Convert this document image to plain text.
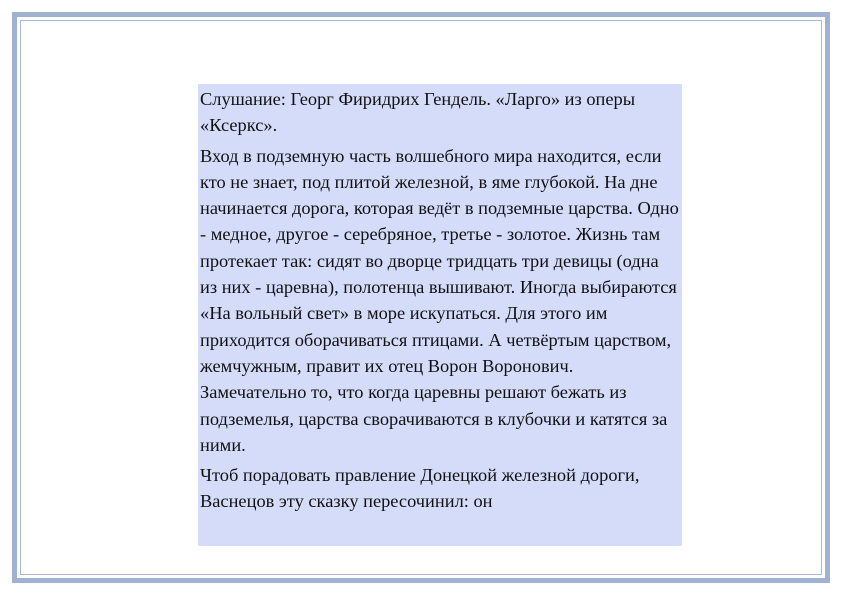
Слушание: Георг Фиридрих Гендель. «Ларго» из оперы «Ксеркс».

Вход в подземную часть волшебного мира находится, если кто не знает, под плитой железной, в яме глубокой. На дне начинается дорога, которая ведёт в подземные царства. Одно - медное, другое - серебряное, третье - золотое. Жизнь там протекает так: сидят во дворце тридцать три девицы (одна из них - царевна), полотенца вышивают. Иногда выбираются «На вольный свет» в море искупаться. Для этого им приходится оборачиваться птицами. А четвёртым царством, жемчужным, правит их отец Ворон Воронович. Замечательно то, что когда царевны решают бежать из подземелья, царства сворачиваются в клубочки и катятся за ними.

Чтоб порадовать правление Донецкой железной дороги, Васнецов эту сказку пересочинил: он
